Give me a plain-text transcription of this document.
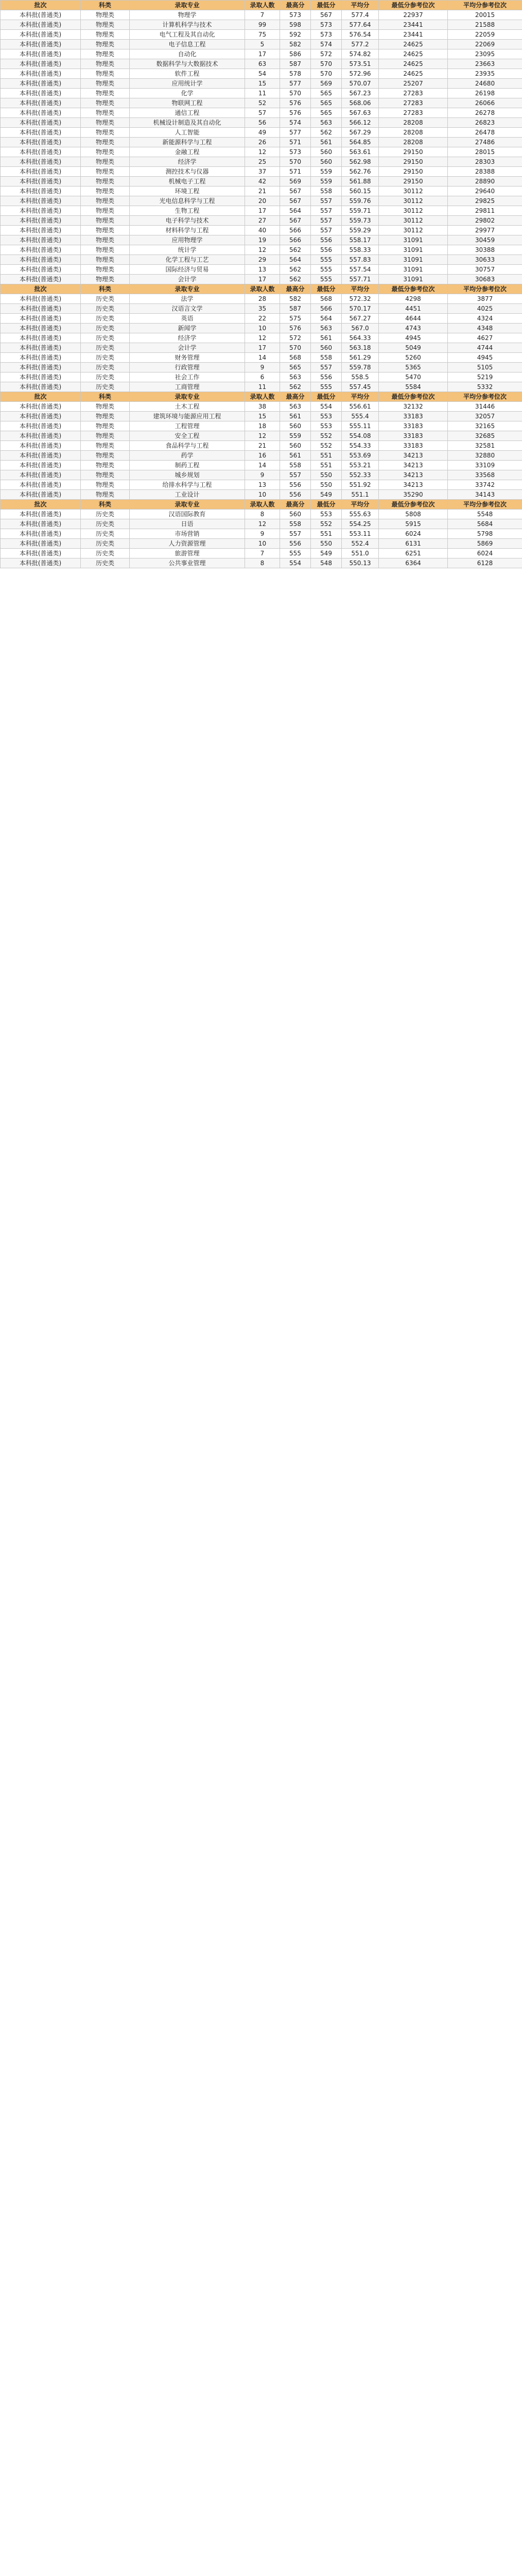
批次	科类	录取专业	录取人数	最高分	最低分	平均分	最低分参考位次	平均分参考位次
本科批(普通类)	物理类	物理学	7	573	567	577.4	22937	20015
本科批(普通类)	物理类	计算机科学与技术	99	598	573	577.64	23441	21588
本科批(普通类)	物理类	电气工程及其自动化	75	592	573	576.54	23441	22059
本科批(普通类)	物理类	电子信息工程	5	582	574	577.2	24625	22069
本科批(普通类)	物理类	自动化	17	586	572	574.82	24625	23095
本科批(普通类)	物理类	数据科学与大数据技术	63	587	570	573.51	24625	23663
本科批(普通类)	物理类	软件工程	54	578	570	572.96	24625	23935
本科批(普通类)	物理类	应用统计学	15	577	569	570.07	25207	24680
本科批(普通类)	物理类	化学	11	570	565	567.23	27283	26198
本科批(普通类)	物理类	物联网工程	52	576	565	568.06	27283	26066
本科批(普通类)	物理类	通信工程	57	576	565	567.63	27283	26278
本科批(普通类)	物理类	机械设计制造及其自动化	56	574	563	566.12	28208	26823
本科批(普通类)	物理类	人工智能	49	577	562	567.29	28208	26478
本科批(普通类)	物理类	新能源科学与工程	26	571	561	564.85	28208	27486
本科批(普通类)	物理类	金融工程	12	573	560	563.61	29150	28015
本科批(普通类)	物理类	经济学	25	570	560	562.98	29150	28303
本科批(普通类)	物理类	测控技术与仪器	37	571	559	562.76	29150	28388
本科批(普通类)	物理类	机械电子工程	42	569	559	561.88	29150	28890
本科批(普通类)	物理类	环境工程	21	567	558	560.15	30112	29640
本科批(普通类)	物理类	光电信息科学与工程	20	567	557	559.76	30112	29825
本科批(普通类)	物理类	生物工程	17	564	557	559.71	30112	29811
本科批(普通类)	物理类	电子科学与技术	27	567	557	559.73	30112	29802
本科批(普通类)	物理类	材料科学与工程	40	566	557	559.29	30112	29977
本科批(普通类)	物理类	应用物理学	19	566	556	558.17	31091	30459
本科批(普通类)	物理类	统计学	12	562	556	558.33	31091	30388
本科批(普通类)	物理类	化学工程与工艺	29	564	555	557.83	31091	30633
本科批(普通类)	物理类	国际经济与贸易	13	562	555	557.54	31091	30757
本科批(普通类)	物理类	会计学	17	562	555	557.71	31091	30683
批次	科类	录取专业	录取人数	最高分	最低分	平均分	最低分参考位次	平均分参考位次
本科批(普通类)	历史类	法学	28	582	568	572.32	4298	3877
本科批(普通类)	历史类	汉语言文学	35	587	566	570.17	4451	4025
本科批(普通类)	历史类	英语	22	575	564	567.27	4644	4324
本科批(普通类)	历史类	新闻学	10	576	563	567.0	4743	4348
本科批(普通类)	历史类	经济学	12	572	561	564.33	4945	4627
本科批(普通类)	历史类	会计学	17	570	560	563.18	5049	4744
本科批(普通类)	历史类	财务管理	14	568	558	561.29	5260	4945
本科批(普通类)	历史类	行政管理	9	565	557	559.78	5365	5105
本科批(普通类)	历史类	社会工作	6	563	556	558.5	5470	5219
本科批(普通类)	历史类	工商管理	11	562	555	557.45	5584	5332
批次	科类	录取专业	录取人数	最高分	最低分	平均分	最低分参考位次	平均分参考位次
本科批(普通类)	物理类	土木工程	38	563	554	556.61	32132	31446
本科批(普通类)	物理类	建筑环境与能源应用工程	15	561	553	555.4	33183	32057
本科批(普通类)	物理类	工程管理	18	560	553	555.11	33183	32165
本科批(普通类)	物理类	安全工程	12	559	552	554.08	33183	32685
本科批(普通类)	物理类	食品科学与工程	21	560	552	554.33	33183	32581
本科批(普通类)	物理类	药学	16	561	551	553.69	34213	32880
本科批(普通类)	物理类	制药工程	14	558	551	553.21	34213	33109
本科批(普通类)	物理类	城乡规划	9	557	550	552.33	34213	33568
本科批(普通类)	物理类	给排水科学与工程	13	556	550	551.92	34213	33742
本科批(普通类)	物理类	工业设计	10	556	549	551.1	35290	34143
批次	科类	录取专业	录取人数	最高分	最低分	平均分	最低分参考位次	平均分参考位次
本科批(普通类)	历史类	汉语国际教育	8	560	553	555.63	5808	5548
本科批(普通类)	历史类	日语	12	558	552	554.25	5915	5684
本科批(普通类)	历史类	市场营销	9	557	551	553.11	6024	5798
本科批(普通类)	历史类	人力资源管理	10	556	550	552.4	6131	5869
本科批(普通类)	历史类	旅游管理	7	555	549	551.0	6251	6024
本科批(普通类)	历史类	公共事业管理	8	554	548	550.13	6364	6128
